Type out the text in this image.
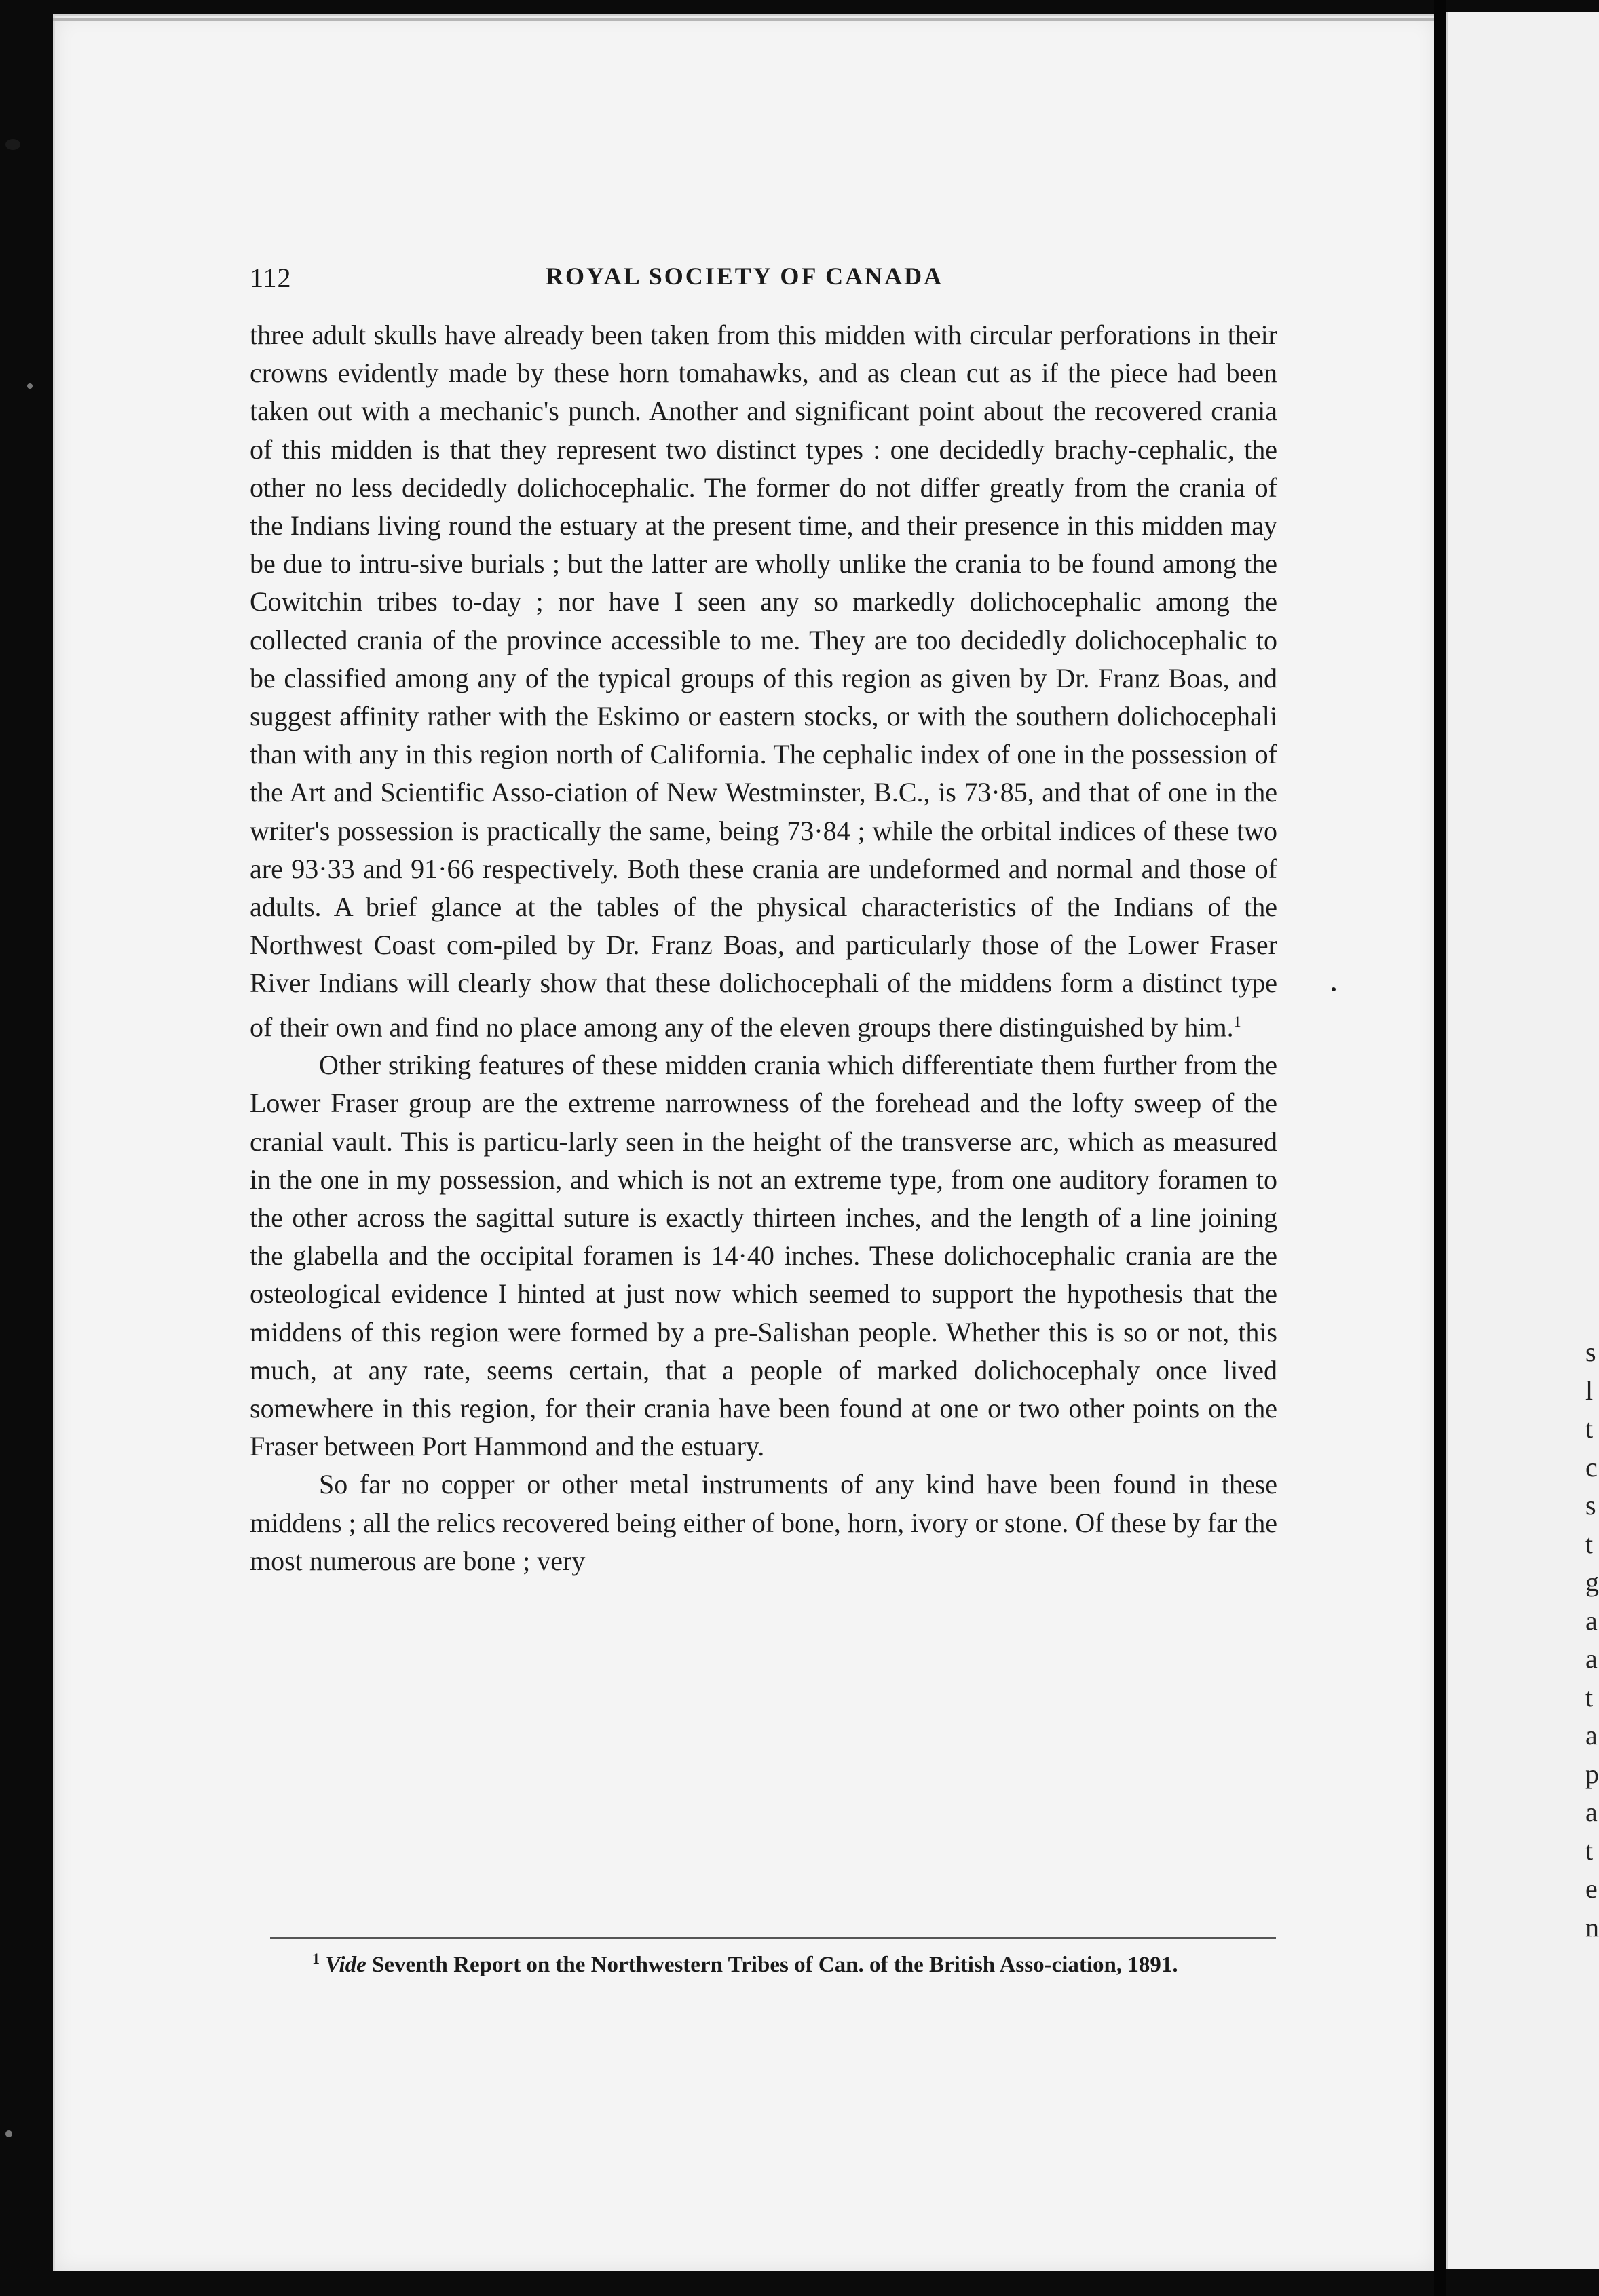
s
l
t
c
s
t
g
a
a
t
a
p
a
t
e
n
112	ROYAL SOCIETY OF CANADA

three adult skulls have already been taken from this midden with circular perforations in their crowns evidently made by these horn tomahawks, and as clean cut as if the piece had been taken out with a mechanic's punch. Another and significant point about the recovered crania of this midden is that they represent two distinct types : one decidedly brachy-cephalic, the other no less decidedly dolichocephalic. The former do not differ greatly from the crania of the Indians living round the estuary at the present time, and their presence in this midden may be due to intru-sive burials ; but the latter are wholly unlike the crania to be found among the Cowitchin tribes to-day ; nor have I seen any so markedly dolichocephalic among the collected crania of the province accessible to me. They are too decidedly dolichocephalic to be classified among any of the typical groups of this region as given by Dr. Franz Boas, and suggest affinity rather with the Eskimo or eastern stocks, or with the southern dolichocephali than with any in this region north of California. The cephalic index of one in the possession of the Art and Scientific Asso-ciation of New Westminster, B.C., is 73·85, and that of one in the writer's possession is practically the same, being 73·84 ; while the orbital indices of these two are 93·33 and 91·66 respectively. Both these crania are undeformed and normal and those of adults. A brief glance at the tables of the physical characteristics of the Indians of the Northwest Coast com-piled by Dr. Franz Boas, and particularly those of the Lower Fraser River Indians will clearly show that these dolichocephali of the middens form a distinct type of their own and find no place among any of the eleven groups there distinguished by him.$^1$

Other striking features of these midden crania which differentiate them further from the Lower Fraser group are the extreme narrowness of the forehead and the lofty sweep of the cranial vault. This is particu-larly seen in the height of the transverse arc, which as measured in the one in my possession, and which is not an extreme type, from one auditory foramen to the other across the sagittal suture is exactly thirteen inches, and the length of a line joining the glabella and the occipital foramen is 14·40 inches. These dolichocephalic crania are the osteological evidence I hinted at just now which seemed to support the hypothesis that the middens of this region were formed by a pre-Salishan people. Whether this is so or not, this much, at any rate, seems certain, that a people of marked dolichocephaly once lived somewhere in this region, for their crania have been found at one or two other points on the Fraser between Port Hammond and the estuary.

So far no copper or other metal instruments of any kind have been found in these middens ; all the relics recovered being either of bone, horn, ivory or stone. Of these by far the most numerous are bone ; very

$^1$ Vide Seventh Report on the Northwestern Tribes of Can. of the British Asso-ciation, 1891.
